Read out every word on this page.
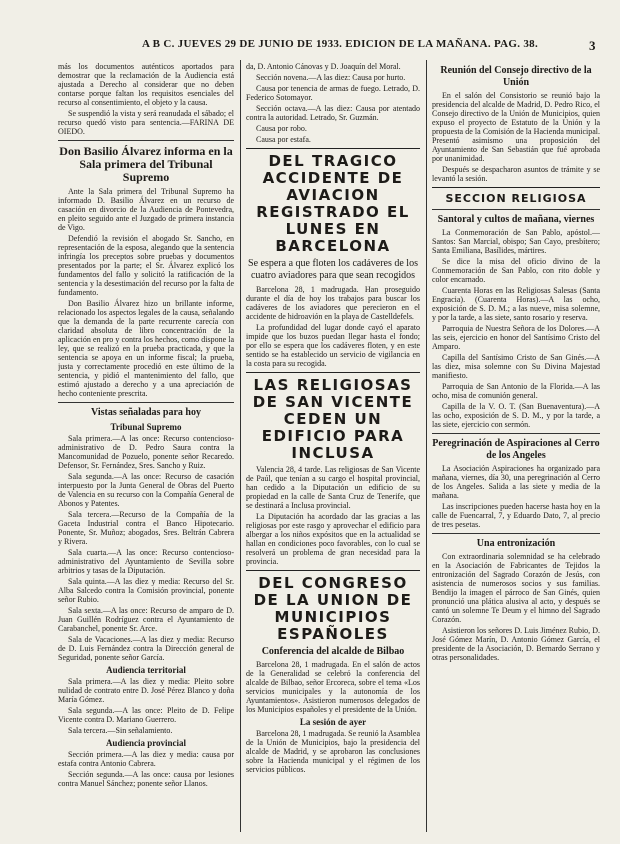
A B C. JUEVES 29 DE JUNIO DE 1933. EDICION DE LA MAÑANA. PAG. 38.	3

más los documentos auténticos aportados para demostrar que la reclamación de la Audiencia está ajustada a Derecho al considerar que no deben contarse porque faltan los requisitos esenciales del recurso al consentimiento, el objeto y la causa.

Se suspendió la vista y será reanudada el sábado; el recurso quedó visto para sentencia.—FARINA DE OIEDO.

Don Basilio Álvarez informa en la Sala primera del Tribunal Supremo

Ante la Sala primera del Tribunal Supremo ha informado D. Basilio Álvarez en un recurso de casación en divorcio de la Audiencia de Pontevedra, en pleito seguido ante el Juzgado de primera instancia de Vigo.

Defendió la revisión el abogado Sr. Sancho, en representación de la esposa, alegando que la sentencia infringía los preceptos sobre pruebas y documentos presentados por la parte; el Sr. Álvarez explicó los fundamentos del fallo y solicitó la ratificación de la sentencia y la desestimación del recurso por la falta de fundamento.

Don Basilio Álvarez hizo un brillante informe, relacionado los aspectos legales de la causa, señalando que la demanda de la parte recurrente carecía con claridad absoluta de libro concentración de la aplicación en pro y contra los hechos, como dispone la ley, que se realizó en la prueba practicada, y que la sentencia se apoya en un informe fiscal; la prueba, justa y correctamente procedió en este último de la sentencia, y pidió el mantenimiento del fallo, que estimó ajustado a derecho y a una apreciación de hecho conteniente prescrita.

Vistas señaladas para hoy
Tribunal Supremo

Sala primera.—A las once: Recurso contencioso-administrativo de D. Pedro Saura contra la Mancomunidad de Pozuelo, ponente señor Recaredo. Defensor, Sr. Fernández, Sres. Sancho y Ruiz.

Sala segunda.—A las once: Recurso de casación interpuesto por la Junta General de Obras del Puerto de Valencia en su recurso con la Compañía General de Abonos y Patentes.

Sala tercera.—Recurso de la Compañía de la Gaceta Industrial contra el Banco Hipotecario. Ponente, Sr. Muñoz; abogados, Sres. Beltrán Cabrera y Rivera.

Sala cuarta.—A las once: Recurso contencioso-administrativo del Ayuntamiento de Sevilla sobre arbitrios y tasas de la Diputación.

Sala quinta.—A las diez y media: Recurso del Sr. Alba Salcedo contra la Comisión provincial, ponente señor Rubio.

Sala sexta.—A las once: Recurso de amparo de D. Juan Guillén Rodríguez contra el Ayuntamiento de Carabanchel, ponente Sr. Arce.

Sala de Vacaciones.—A las diez y media: Recurso de D. Luis Fernández contra la Dirección general de Seguridad, ponente señor García.

Audiencia territorial

Sala primera.—A las diez y media: Pleito sobre nulidad de contrato entre D. José Pérez Blanco y doña María Gómez.

Sala segunda.—A las once: Pleito de D. Felipe Vicente contra D. Mariano Guerrero.

Sala tercera.—Sin señalamiento.

Audiencia provincial

Sección primera.—A las diez y media: causa por estafa contra Antonio Cabrera.

Sección segunda.—A las once: causa por lesiones contra Manuel Sánchez; ponente señor Llanos.

da, D. Antonio Cánovas y D. Joaquín del Moral.

Sección novena.—A las diez: Causa por hurto.

Causa por tenencia de armas de fuego. Letrado, D. Federico Sotomayor.

Sección octava.—A las diez: Causa por atentado contra la autoridad. Letrado, Sr. Guzmán.

Causa por robo.

Causa por estafa.

DEL TRAGICO ACCIDENTE DE AVIACION REGISTRADO EL LUNES EN BARCELONA
Se espera a que floten los cadáveres de los cuatro aviadores para que sean recogidos

Barcelona 28, 1 madrugada. Han proseguido durante el día de hoy los trabajos para buscar los cadáveres de los aviadores que perecieron en el accidente de hidroavión en la playa de Castelldefels.

La profundidad del lugar donde cayó el aparato impide que los buzos puedan llegar hasta el fondo; por ello se espera que los cadáveres floten, y en este sentido se ha establecido un servicio de vigilancia en la costa para su recogida.

LAS RELIGIOSAS DE SAN VICENTE CEDEN UN EDIFICIO PARA INCLUSA

Valencia 28, 4 tarde. Las religiosas de San Vicente de Paúl, que tenían a su cargo el hospital provincial, han cedido a la Diputación un edificio de su propiedad en la calle de Santa Cruz de Tenerife, que se destinará a Inclusa provincial.

La Diputación ha acordado dar las gracias a las religiosas por este rasgo y aprovechar el edificio para albergar a los niños expósitos que en la actualidad se hallan en condiciones poco favorables, con lo cual se resolverá un problema de gran necesidad para la provincia.

DEL CONGRESO DE LA UNION DE MUNICIPIOS ESPAÑOLES
Conferencia del alcalde de Bilbao

Barcelona 28, 1 madrugada. En el salón de actos de la Generalidad se celebró la conferencia del alcalde de Bilbao, señor Ercoreca, sobre el tema «Los servicios municipales y la autonomía de los Ayuntamientos». Asistieron numerosos delegados de los Municipios españoles y el presidente de la Unión.

La sesión de ayer

Barcelona 28, 1 madrugada. Se reunió la Asamblea de la Unión de Municipios, bajo la presidencia del alcalde de Madrid, y se aprobaron las conclusiones sobre la Hacienda municipal y el régimen de los servicios públicos.

Reunión del Consejo directivo de la Unión

En el salón del Consistorio se reunió bajo la presidencia del alcalde de Madrid, D. Pedro Rico, el Consejo directivo de la Unión de Municipios, quien expuso el proyecto de Estatuto de la Unión y la propuesta de la Comisión de la Hacienda municipal. Presentó asimismo una proposición del Ayuntamiento de San Sebastián que fué aprobada por unanimidad.

Después se despacharon asuntos de trámite y se levantó la sesión.

SECCION RELIGIOSA
Santoral y cultos de mañana, viernes

La Conmemoración de San Pablo, apóstol.—Santos: San Marcial, obispo; San Cayo, presbítero; Santa Emiliana, Basílides, mártires.

Se dice la misa del oficio divino de la Conmemoración de San Pablo, con rito doble y color encarnado.

Cuarenta Horas en las Religiosas Salesas (Santa Engracia). (Cuarenta Horas).—A las ocho, exposición de S. D. M.; a las nueve, misa solemne, y por la tarde, a las siete, santo rosario y reserva.

Parroquia de Nuestra Señora de los Dolores.—A las seis, ejercicio en honor del Santísimo Cristo del Amparo.

Capilla del Santísimo Cristo de San Ginés.—A las diez, misa solemne con Su Divina Majestad manifiesto.

Parroquia de San Antonio de la Florida.—A las ocho, misa de comunión general.

Capilla de la V. O. T. (San Buenaventura).—A las ocho, exposición de S. D. M., y por la tarde, a las siete, ejercicio con sermón.

Peregrinación de Aspiraciones al Cerro de los Angeles

La Asociación Aspiraciones ha organizado para mañana, viernes, día 30, una peregrinación al Cerro de los Angeles. Salida a las siete y media de la mañana.

Las inscripciones pueden hacerse hasta hoy en la calle de Fuencarral, 7, y Eduardo Dato, 7, al precio de tres pesetas.

Una entronización

Con extraordinaria solemnidad se ha celebrado en la Asociación de Fabricantes de Tejidos la entronización del Sagrado Corazón de Jesús, con asistencia de numerosos socios y sus familias. Bendijo la imagen el párroco de San Ginés, quien pronunció una plática alusiva al acto, y después se cantó un solemne Te Deum y el himno del Sagrado Corazón.

Asistieron los señores D. Luis Jiménez Rubio, D. José Gómez Marín, D. Antonio Gómez García, el presidente de la Asociación, D. Bernardo Serrano y otras personalidades.
